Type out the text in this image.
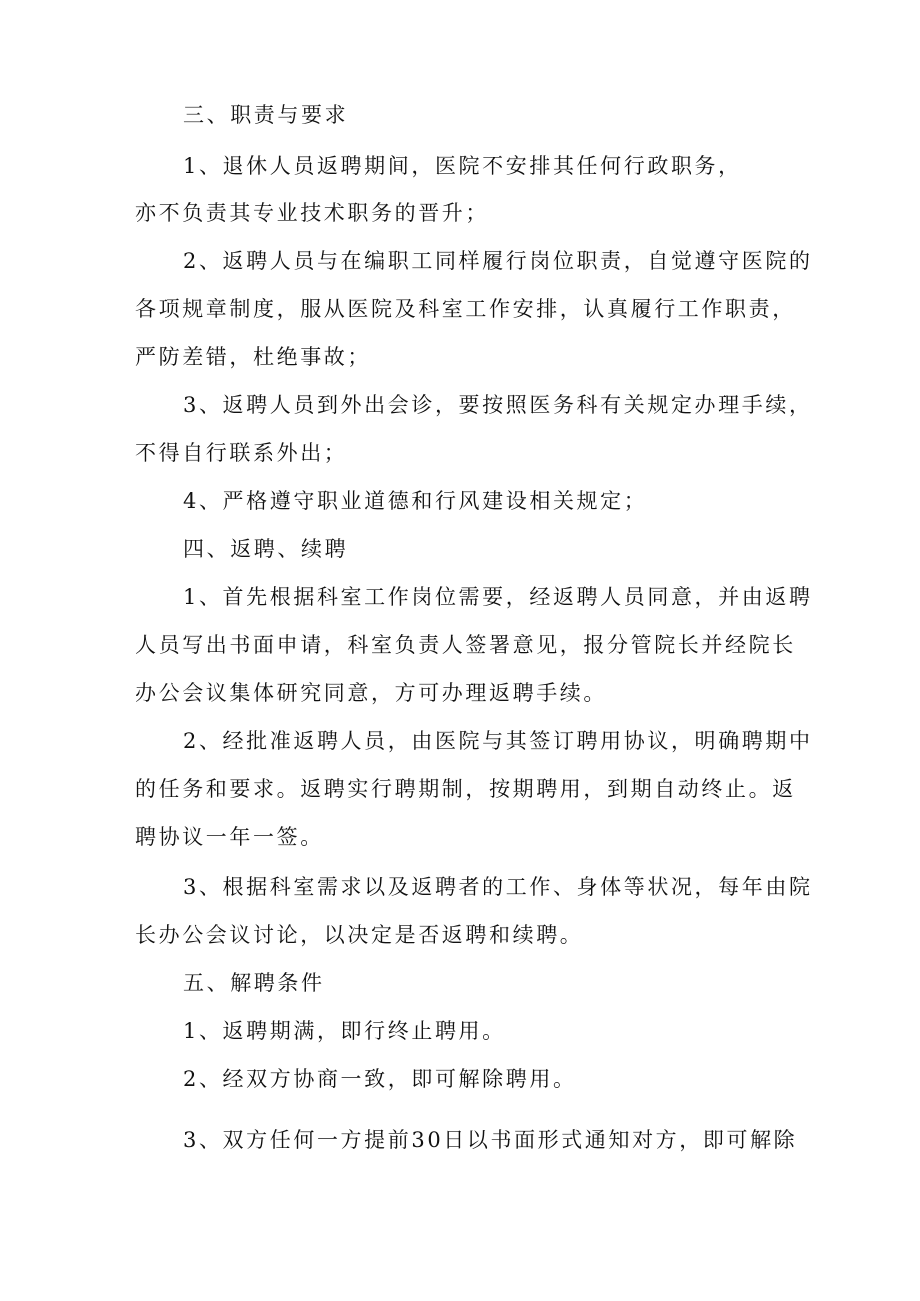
三、职责与要求
1、退休人员返聘期间，医院不安排其任何行政职务，
亦不负责其专业技术职务的晋升；
2、返聘人员与在编职工同样履行岗位职责，自觉遵守医院的
各项规章制度，服从医院及科室工作安排，认真履行工作职责，
严防差错，杜绝事故；
3、返聘人员到外出会诊，要按照医务科有关规定办理手续，
不得自行联系外出；
4、严格遵守职业道德和行风建设相关规定；
四、返聘、续聘
1、首先根据科室工作岗位需要，经返聘人员同意，并由返聘
人员写出书面申请，科室负责人签署意见，报分管院长并经院长
办公会议集体研究同意，方可办理返聘手续。
2、经批准返聘人员，由医院与其签订聘用协议，明确聘期中
的任务和要求。返聘实行聘期制，按期聘用，到期自动终止。返
聘协议一年一签。
3、根据科室需求以及返聘者的工作、身体等状况，每年由院
长办公会议讨论，以决定是否返聘和续聘。
五、解聘条件
1、返聘期满，即行终止聘用。
2、经双方协商一致，即可解除聘用。
3、双方任何一方提前30日以书面形式通知对方，即可解除
